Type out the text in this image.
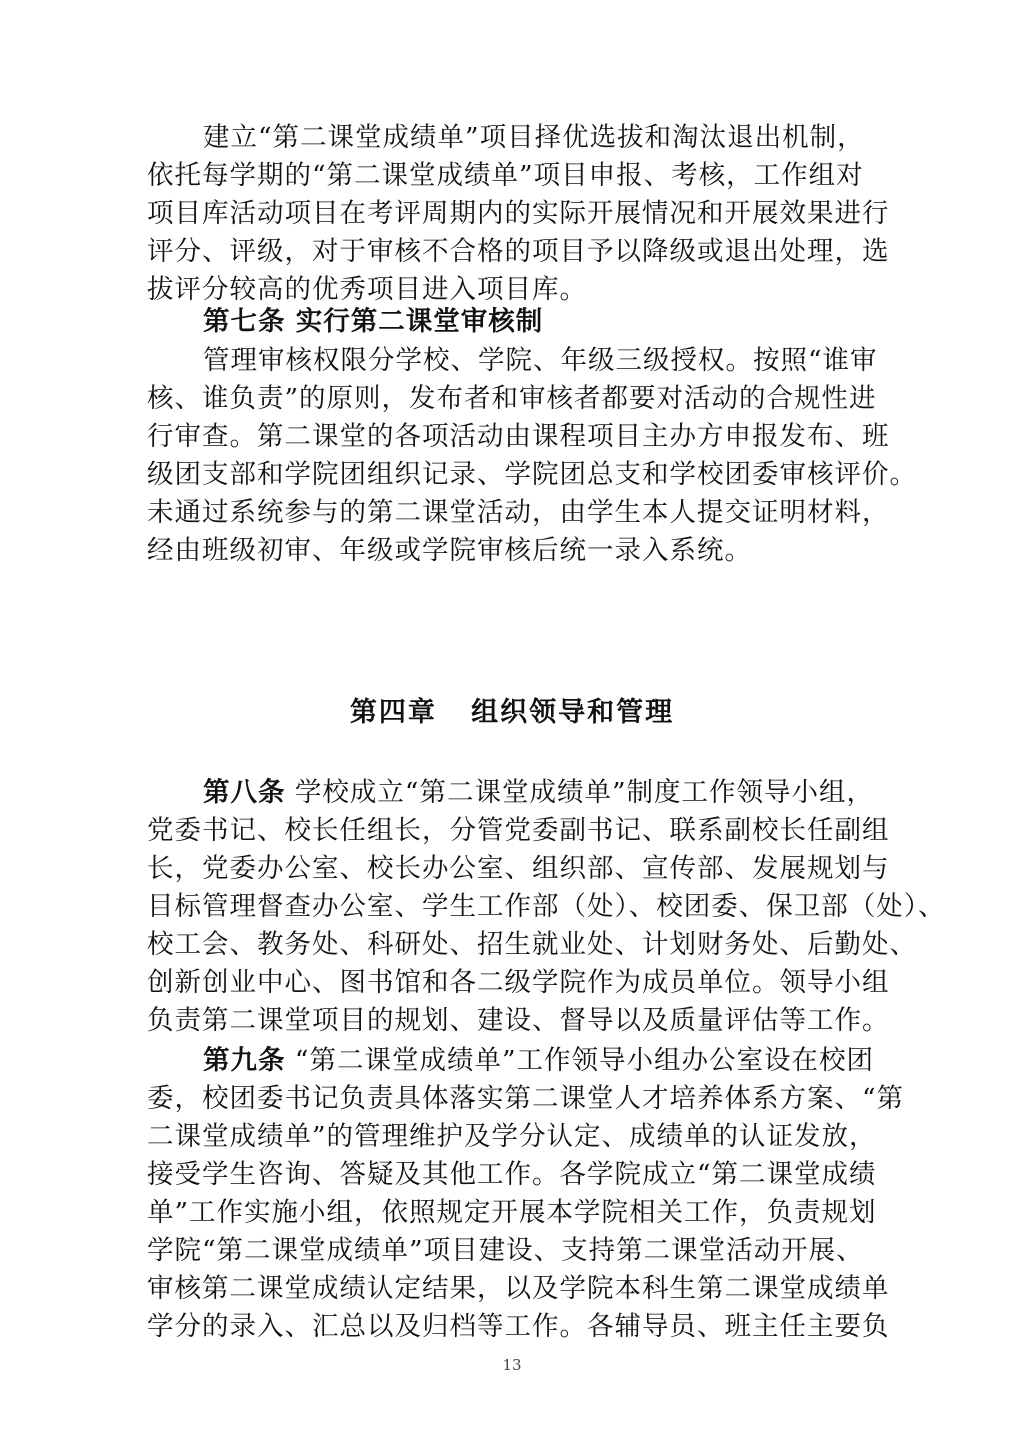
建立“第二课堂成绩单”项目择优选拔和淘汰退出机制，
依托每学期的“第二课堂成绩单”项目申报、考核，工作组对
项目库活动项目在考评周期内的实际开展情况和开展效果进行
评分、评级，对于审核不合格的项目予以降级或退出处理，选
拔评分较高的优秀项目进入项目库。
第七条 实行第二课堂审核制
管理审核权限分学校、学院、年级三级授权。按照“谁审
核、谁负责”的原则，发布者和审核者都要对活动的合规性进
行审查。第二课堂的各项活动由课程项目主办方申报发布、班
级团支部和学院团组织记录、学院团总支和学校团委审核评价。
未通过系统参与的第二课堂活动，由学生本人提交证明材料，
经由班级初审、年级或学院审核后统一录入系统。
第四章   组织领导和管理
第八条 学校成立“第二课堂成绩单”制度工作领导小组，
党委书记、校长任组长，分管党委副书记、联系副校长任副组
长，党委办公室、校长办公室、组织部、宣传部、发展规划与
目标管理督查办公室、学生工作部（处）、校团委、保卫部（处）、
校工会、教务处、科研处、招生就业处、计划财务处、后勤处、
创新创业中心、图书馆和各二级学院作为成员单位。领导小组
负责第二课堂项目的规划、建设、督导以及质量评估等工作。
第九条 “第二课堂成绩单”工作领导小组办公室设在校团
委，校团委书记负责具体落实第二课堂人才培养体系方案、“第
二课堂成绩单”的管理维护及学分认定、成绩单的认证发放，
接受学生咨询、答疑及其他工作。各学院成立“第二课堂成绩
单”工作实施小组，依照规定开展本学院相关工作，负责规划
学院“第二课堂成绩单”项目建设、支持第二课堂活动开展、
审核第二课堂成绩认定结果，以及学院本科生第二课堂成绩单
学分的录入、汇总以及归档等工作。各辅导员、班主任主要负
13
